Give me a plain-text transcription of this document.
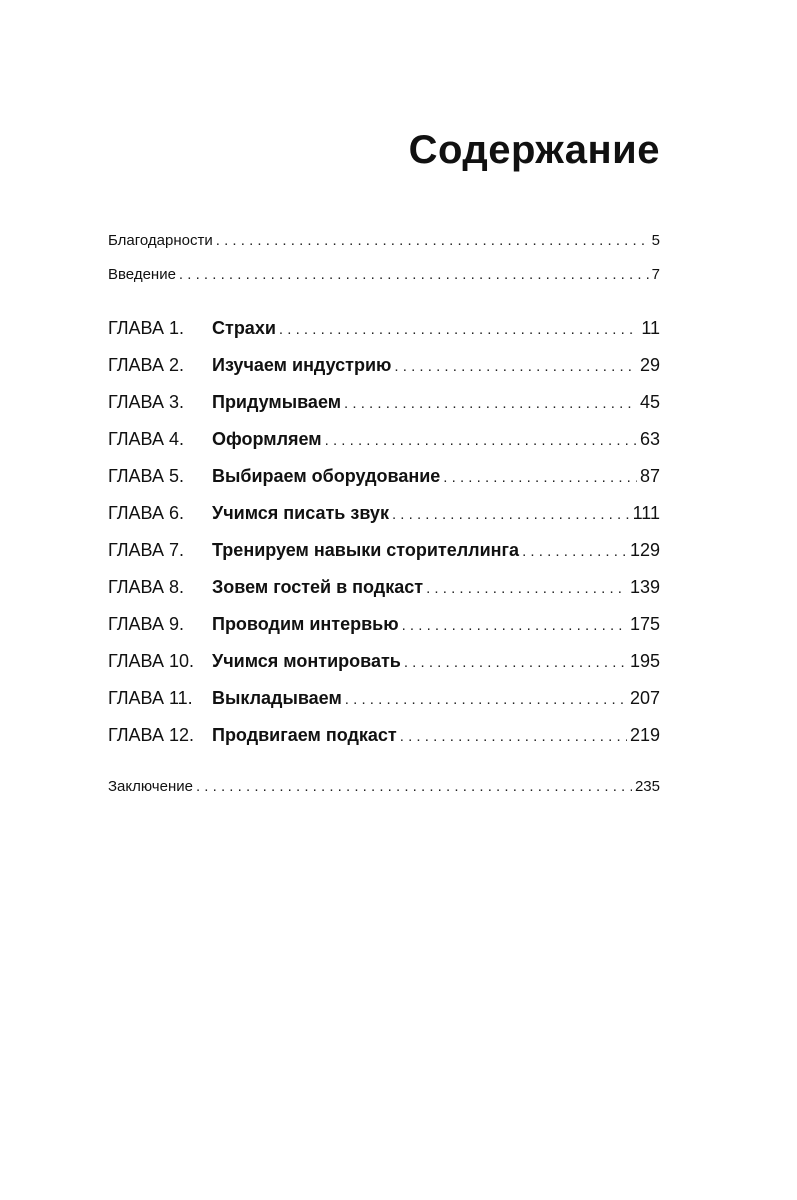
Содержание
Благодарности . . .	5
Введение . . .	7
ГЛАВА 1.	Страхи . . .	11
ГЛАВА 2.	Изучаем индустрию . . .	29
ГЛАВА 3.	Придумываем . . .	45
ГЛАВА 4.	Оформляем . . .	63
ГЛАВА 5.	Выбираем оборудование . . .	87
ГЛАВА 6.	Учимся писать звук . . .	111
ГЛАВА 7.	Тренируем навыки сторителлинга . . .	129
ГЛАВА 8.	Зовем гостей в подкаст . . .	139
ГЛАВА 9.	Проводим интервью . . .	175
ГЛАВА 10.	Учимся монтировать . . .	195
ГЛАВА 11.	Выкладываем . . .	207
ГЛАВА 12.	Продвигаем подкаст . . .	219
Заключение . . .	235
